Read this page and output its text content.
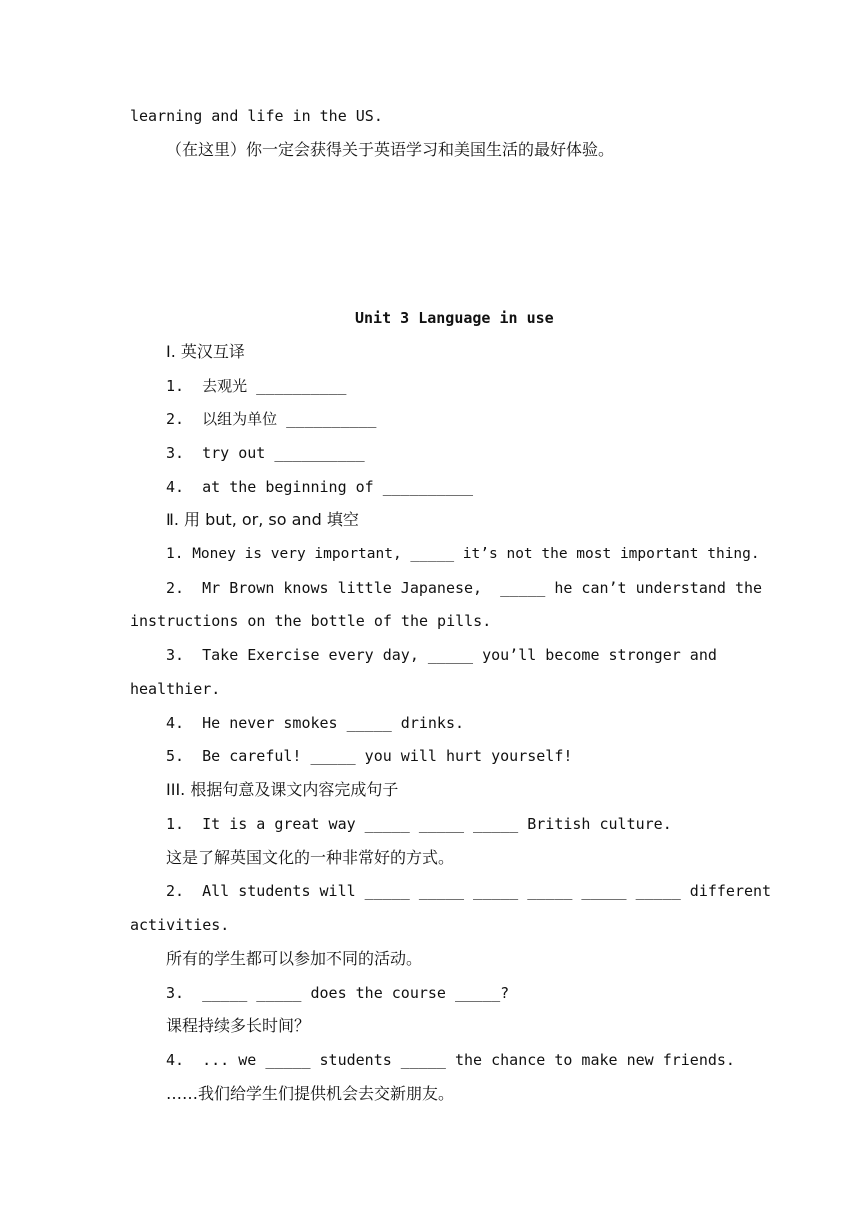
learning and life in the US.
（在这里）你一定会获得关于英语学习和美国生活的最好体验。
Unit 3 Language in use
Ⅰ. 英汉互译
1.  去观光 __________
2.  以组为单位 __________
3.  try out __________
4.  at the beginning of __________
Ⅱ. 用 but, or, so and 填空
1. Money is very important, _____ it’s not the most important thing.
2.  Mr Brown knows little Japanese,  _____ he can’t understand the
instructions on the bottle of the pills.
3.  Take Exercise every day, _____ you’ll become stronger and
healthier.
4.  He never smokes _____ drinks.
5.  Be careful! _____ you will hurt yourself!
III. 根据句意及课文内容完成句子
1.  It is a great way _____ _____ _____ British culture.
这是了解英国文化的一种非常好的方式。
2.  All students will _____ _____ _____ _____ _____ _____ different
activities.
所有的学生都可以参加不同的活动。
3.  _____ _____ does the course _____?
课程持续多长时间？
4.  ... we _____ students _____ the chance to make new friends.
……我们给学生们提供机会去交新朋友。
